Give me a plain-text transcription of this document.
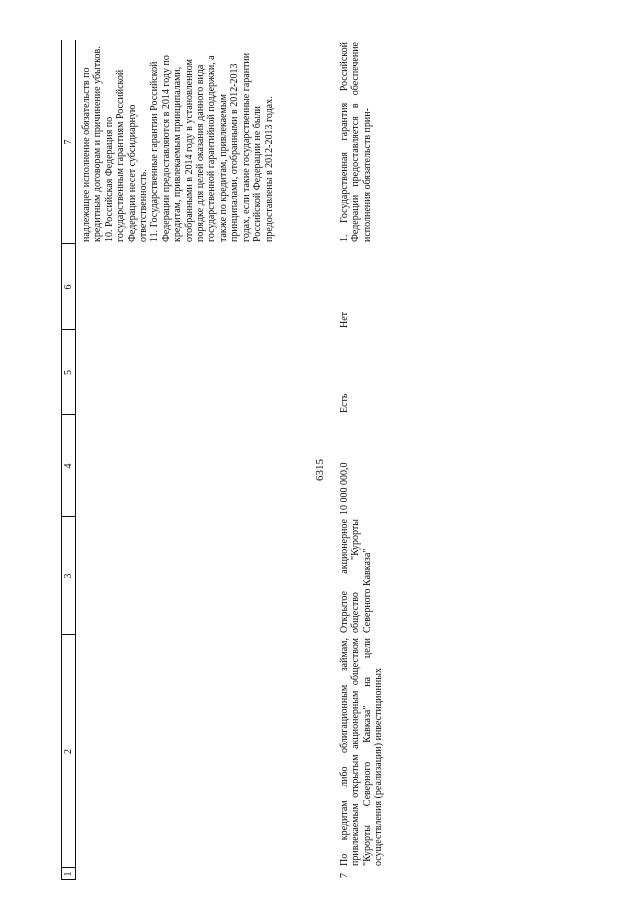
6315
1
2
3
4
5
6
7
надлежащее исполнение обязательств по кредитным договорам и причинение убытков.
10. Российская Федерация по государственным гарантиям Российской Федерации несет субсидиарную ответственность.
11. Государственные гарантии Российской Федерации предоставляются в 2014 году по кредитам, привлекаемым принципалами, отобранными в 2014 году в установленном порядке для целей оказания данного вида государственной гарантийной поддержки, а также по кредитам, привлекаемым принципалами, отобранными в 2012-2013 годах, если такие государственные гарантии Российской Федерации не были предоставлены в 2012-2013 годах.
7
По кредитам либо облигационным займам, привлекаемым открытым акционерным обществом "Курорты Северного Кавказа" на цели осуществления (реализации) инвестиционных
Открытое акционерное общество "Курорты Северного Кавказа"
10 000 000,0
Есть
Нет
1. Государственная гарантия Российской Федерации предоставляется в обеспечение исполнения обязательств прин-
